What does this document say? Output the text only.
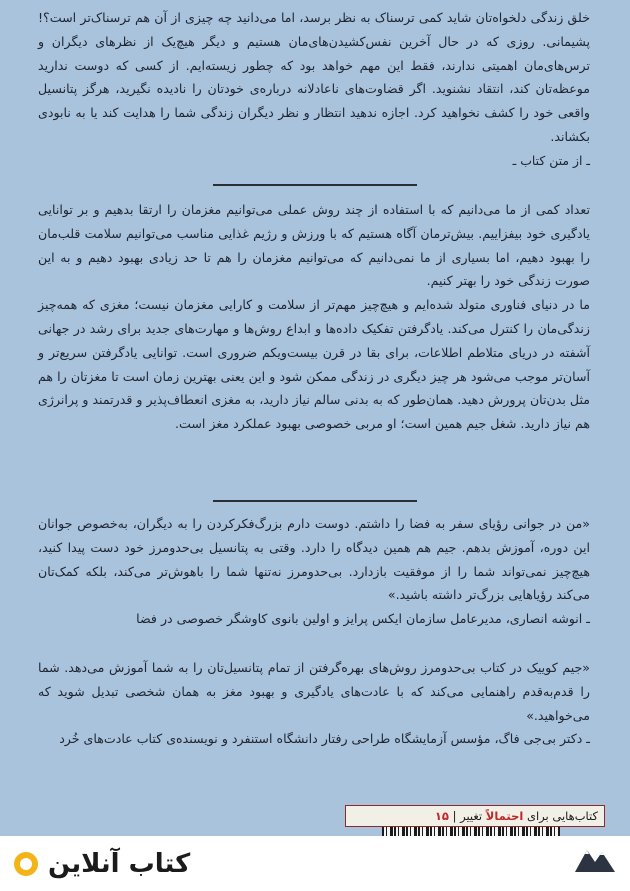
خلق زندگی دلخواه‌تان شاید کمی ترسناک به نظر برسد، اما می‌دانید چه چیزی از آن هم ترسناک‌تر است؟! پشیمانی. روزی که در حال آخرین نفس‌کشیدن‌های‌مان هستیم و دیگر هیچ‌یک از نظرهای دیگران و ترس‌های‌مان اهمیتی ندارند، فقط این مهم خواهد بود که چطور زیسته‌ایم. از کسی که دوست ندارید موعظه‌تان کند، انتقاد نشنوید. اگر قضاوت‌های ناعادلانه درباره‌ی خودتان را نادیده نگیرید، هرگز پتانسیل واقعی خود را کشف نخواهید کرد. اجازه ندهید انتظار و نظر دیگران زندگی شما را هدایت کند یا به نابودی بکشاند.

ـ از متن کتاب ـ

تعداد کمی از ما می‌دانیم که با استفاده از چند روش عملی می‌توانیم مغزمان را ارتقا بدهیم و بر توانایی یادگیری خود بیفزاییم. بیش‌تر‌مان آگاه هستیم که با ورزش و رژیم غذایی مناسب می‌توانیم سلامت قلب‌مان را بهبود دهیم، اما بسیاری از ما نمی‌دانیم که می‌توانیم مغزمان را هم تا حد زیادی بهبود دهیم و به این صورت زندگی خود را بهتر کنیم.

ما در دنیای فناوری متولد شده‌ایم و هیچ‌چیز مهم‌تر از سلامت و کارایی مغزمان نیست؛ مغزی که همه‌چیز زندگی‌مان را کنترل می‌کند. یادگرفتن تفکیک داده‌ها و ابداع روش‌ها و مهارت‌های جدید برای رشد در جهانی آشفته در دریای متلاطم اطلاعات، برای بقا در قرن بیست‌ویکم ضروری است. توانایی یادگرفتن سریع‌تر و آسان‌تر موجب می‌شود هر چیز دیگری در زندگی ممکن شود و این یعنی بهترین زمان است تا مغزتان را هم مثل بدن‌تان پرورش دهید. همان‌طور که به بدنی سالم نیاز دارید، به مغزی انعطاف‌پذیر و قدرتمند و پرانرژی هم نیاز دارید. شغل جیم همین است؛ او مربی خصوصی بهبود عملکرد مغز است.

«من در جوانی رؤیای سفر به فضا را داشتم. دوست دارم بزرگ‌فکرکردن را به دیگران، به‌خصوص جوانان این دوره، آموزش بدهم. جیم هم همین دیدگاه را دارد. وقتی به پتانسیل بی‌حدومرز خود دست پیدا کنید، هیچ‌چیز نمی‌تواند شما را از موفقیت بازدارد. بی‌حدومرز نه‌تنها شما را باهوش‌تر می‌کند، بلکه کمک‌تان می‌کند رؤیاهایی بزرگ‌تر داشته باشید.»

ـ انوشه انصاری، مدیرعامل سازمان ایکس پرایز و اولین بانوی کاوشگر خصوصی در فضا

«جیم کوییک در کتاب بی‌حدومرز روش‌های بهره‌گرفتن از تمام پتانسیل‌تان را به شما آموزش می‌دهد. شما را قدم‌به‌قدم راهنمایی می‌کند که با عادت‌های یادگیری و بهبود مغز به همان شخصی تبدیل شوید که می‌خواهید.»

ـ دکتر بی‌جی فاگ، مؤسس آزمایشگاه طراحی رفتار دانشگاه استنفرد و نویسنده‌ی کتاب عادت‌های خُرد

کتاب‌هایی برای احتمالاً تغییر | ۱۵
کتاب آنلاین
